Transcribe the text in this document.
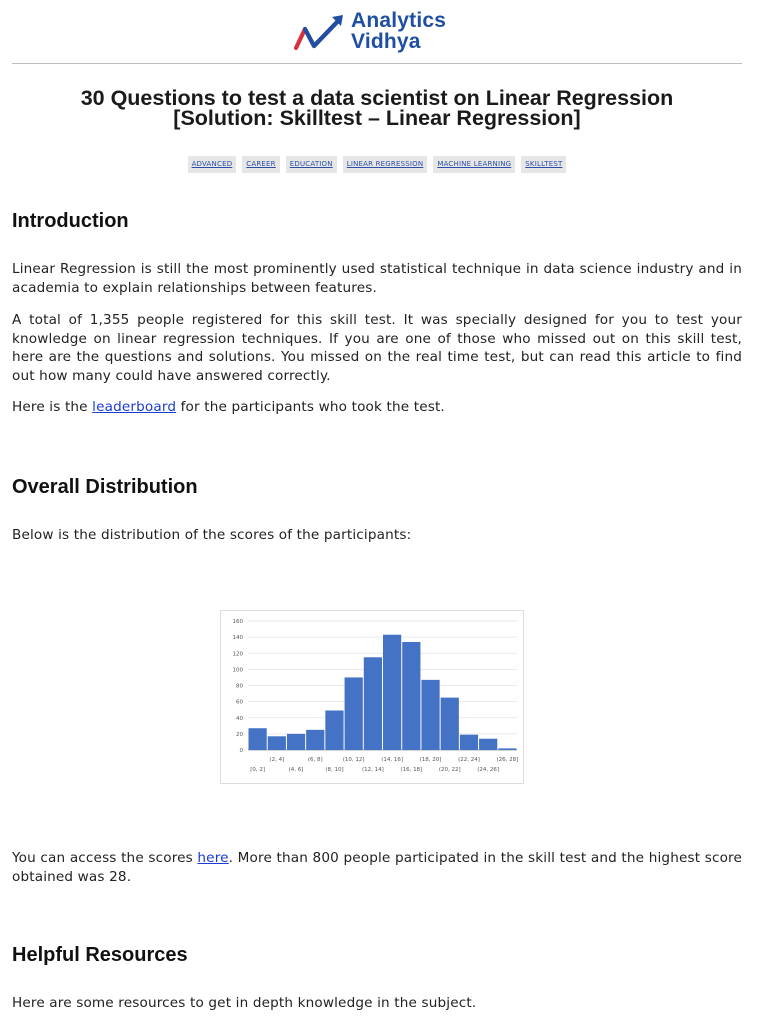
Analytics
Vidhya
30 Questions to test a data scientist on Linear Regression
[Solution: Skilltest – Linear Regression]
ADVANCED CAREER EDUCATION LINEAR REGRESSION MACHINE LEARNING SKILLTEST
Introduction

Linear Regression is still the most prominently used statistical technique in data science industry and in academia to explain relationships between features.

A total of 1,355 people registered for this skill test. It was specially designed for you to test your knowledge on linear regression techniques. If you are one of those who missed out on this skill test, here are the questions and solutions. You missed on the real time test, but can read this article to find out how many could have answered correctly.

Here is the leaderboard for the participants who took the test.

Overall Distribution

Below is the distribution of the scores of the participants:

0
20
40
60
80
100
120
140
160
[0, 2]
(2, 4]
(4, 6]
(6, 8]
(8, 10]
(10, 12]
(12, 14]
(14, 16]
(16, 18]
(18, 20]
(20, 22]
(22, 24]
(24, 26]
(26, 28]

You can access the scores here. More than 800 people participated in the skill test and the highest score obtained was 28.

Helpful Resources

Here are some resources to get in depth knowledge in the subject.
